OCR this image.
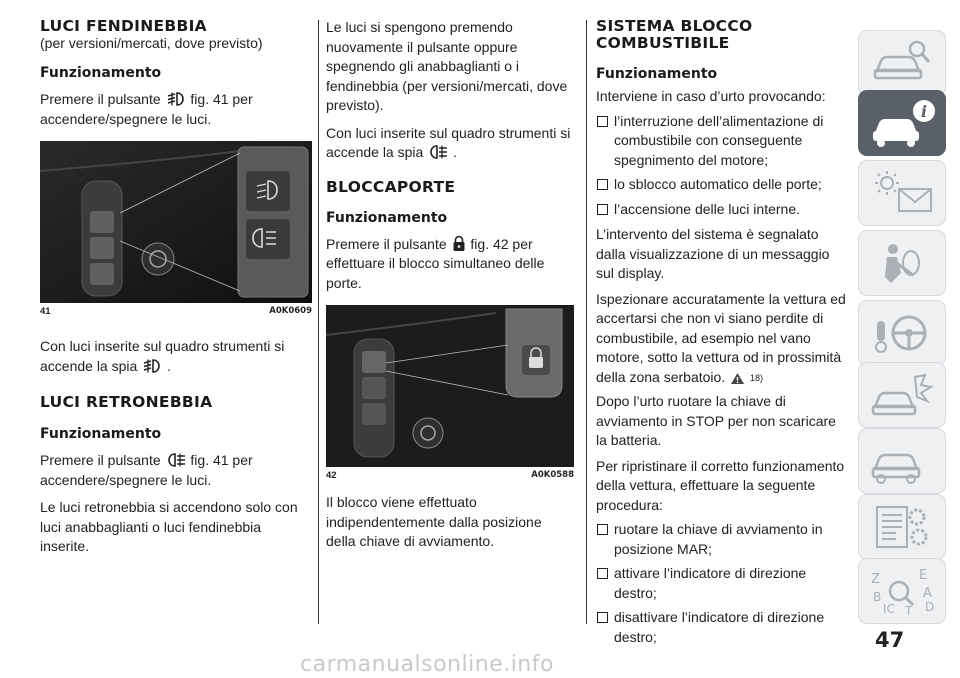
LUCI FENDINEBBIA

(per versioni/mercati, dove previsto)

Funzionamento

Premere il pulsante fig. 41 per accendere/spegnere le luci.

41	A0K0609

Con luci inserite sul quadro strumenti si accende la spia .

LUCI RETRONEBBIA
Funzionamento

Premere il pulsante fig. 41 per accendere/spegnere le luci.

Le luci retronebbia si accendono solo con luci anabbaglianti o luci fendinebbia inserite.

Le luci si spengono premendo nuovamente il pulsante oppure spegnendo gli anabbaglianti o i fendinebbia (per versioni/mercati, dove previsto).

Con luci inserite sul quadro strumenti si accende la spia .

BLOCCAPORTE
Funzionamento

Premere il pulsante fig. 42 per effettuare il blocco simultaneo delle porte.

42	A0K0588

Il blocco viene effettuato indipendentemente dalla posizione della chiave di avviamento.

SISTEMA BLOCCO
COMBUSTIBILE
Funzionamento

Interviene in caso d’urto provocando:

l’interruzione dell’alimentazione di combustibile con conseguente spegnimento del motore;
lo sblocco automatico delle porte;
l’accensione delle luci interne.

L’intervento del sistema è segnalato dalla visualizzazione di un messaggio sul display.

Ispezionare accuratamente la vettura ed accertarsi che non vi siano perdite di combustibile, ad esempio nel vano motore, sotto la vettura od in prossimità della zona serbatoio.	18)

Dopo l’urto ruotare la chiave di avviamento in STOP per non scaricare la batteria.

Per ripristinare il corretto funzionamento della vettura, effettuare la seguente procedura:

ruotare la chiave di avviamento in posizione MAR;
attivare l’indicatore di direzione destro;
disattivare l’indicatore di direzione destro;
i
Z	E
B	A
IC T D
47
carmanualsonline.info
